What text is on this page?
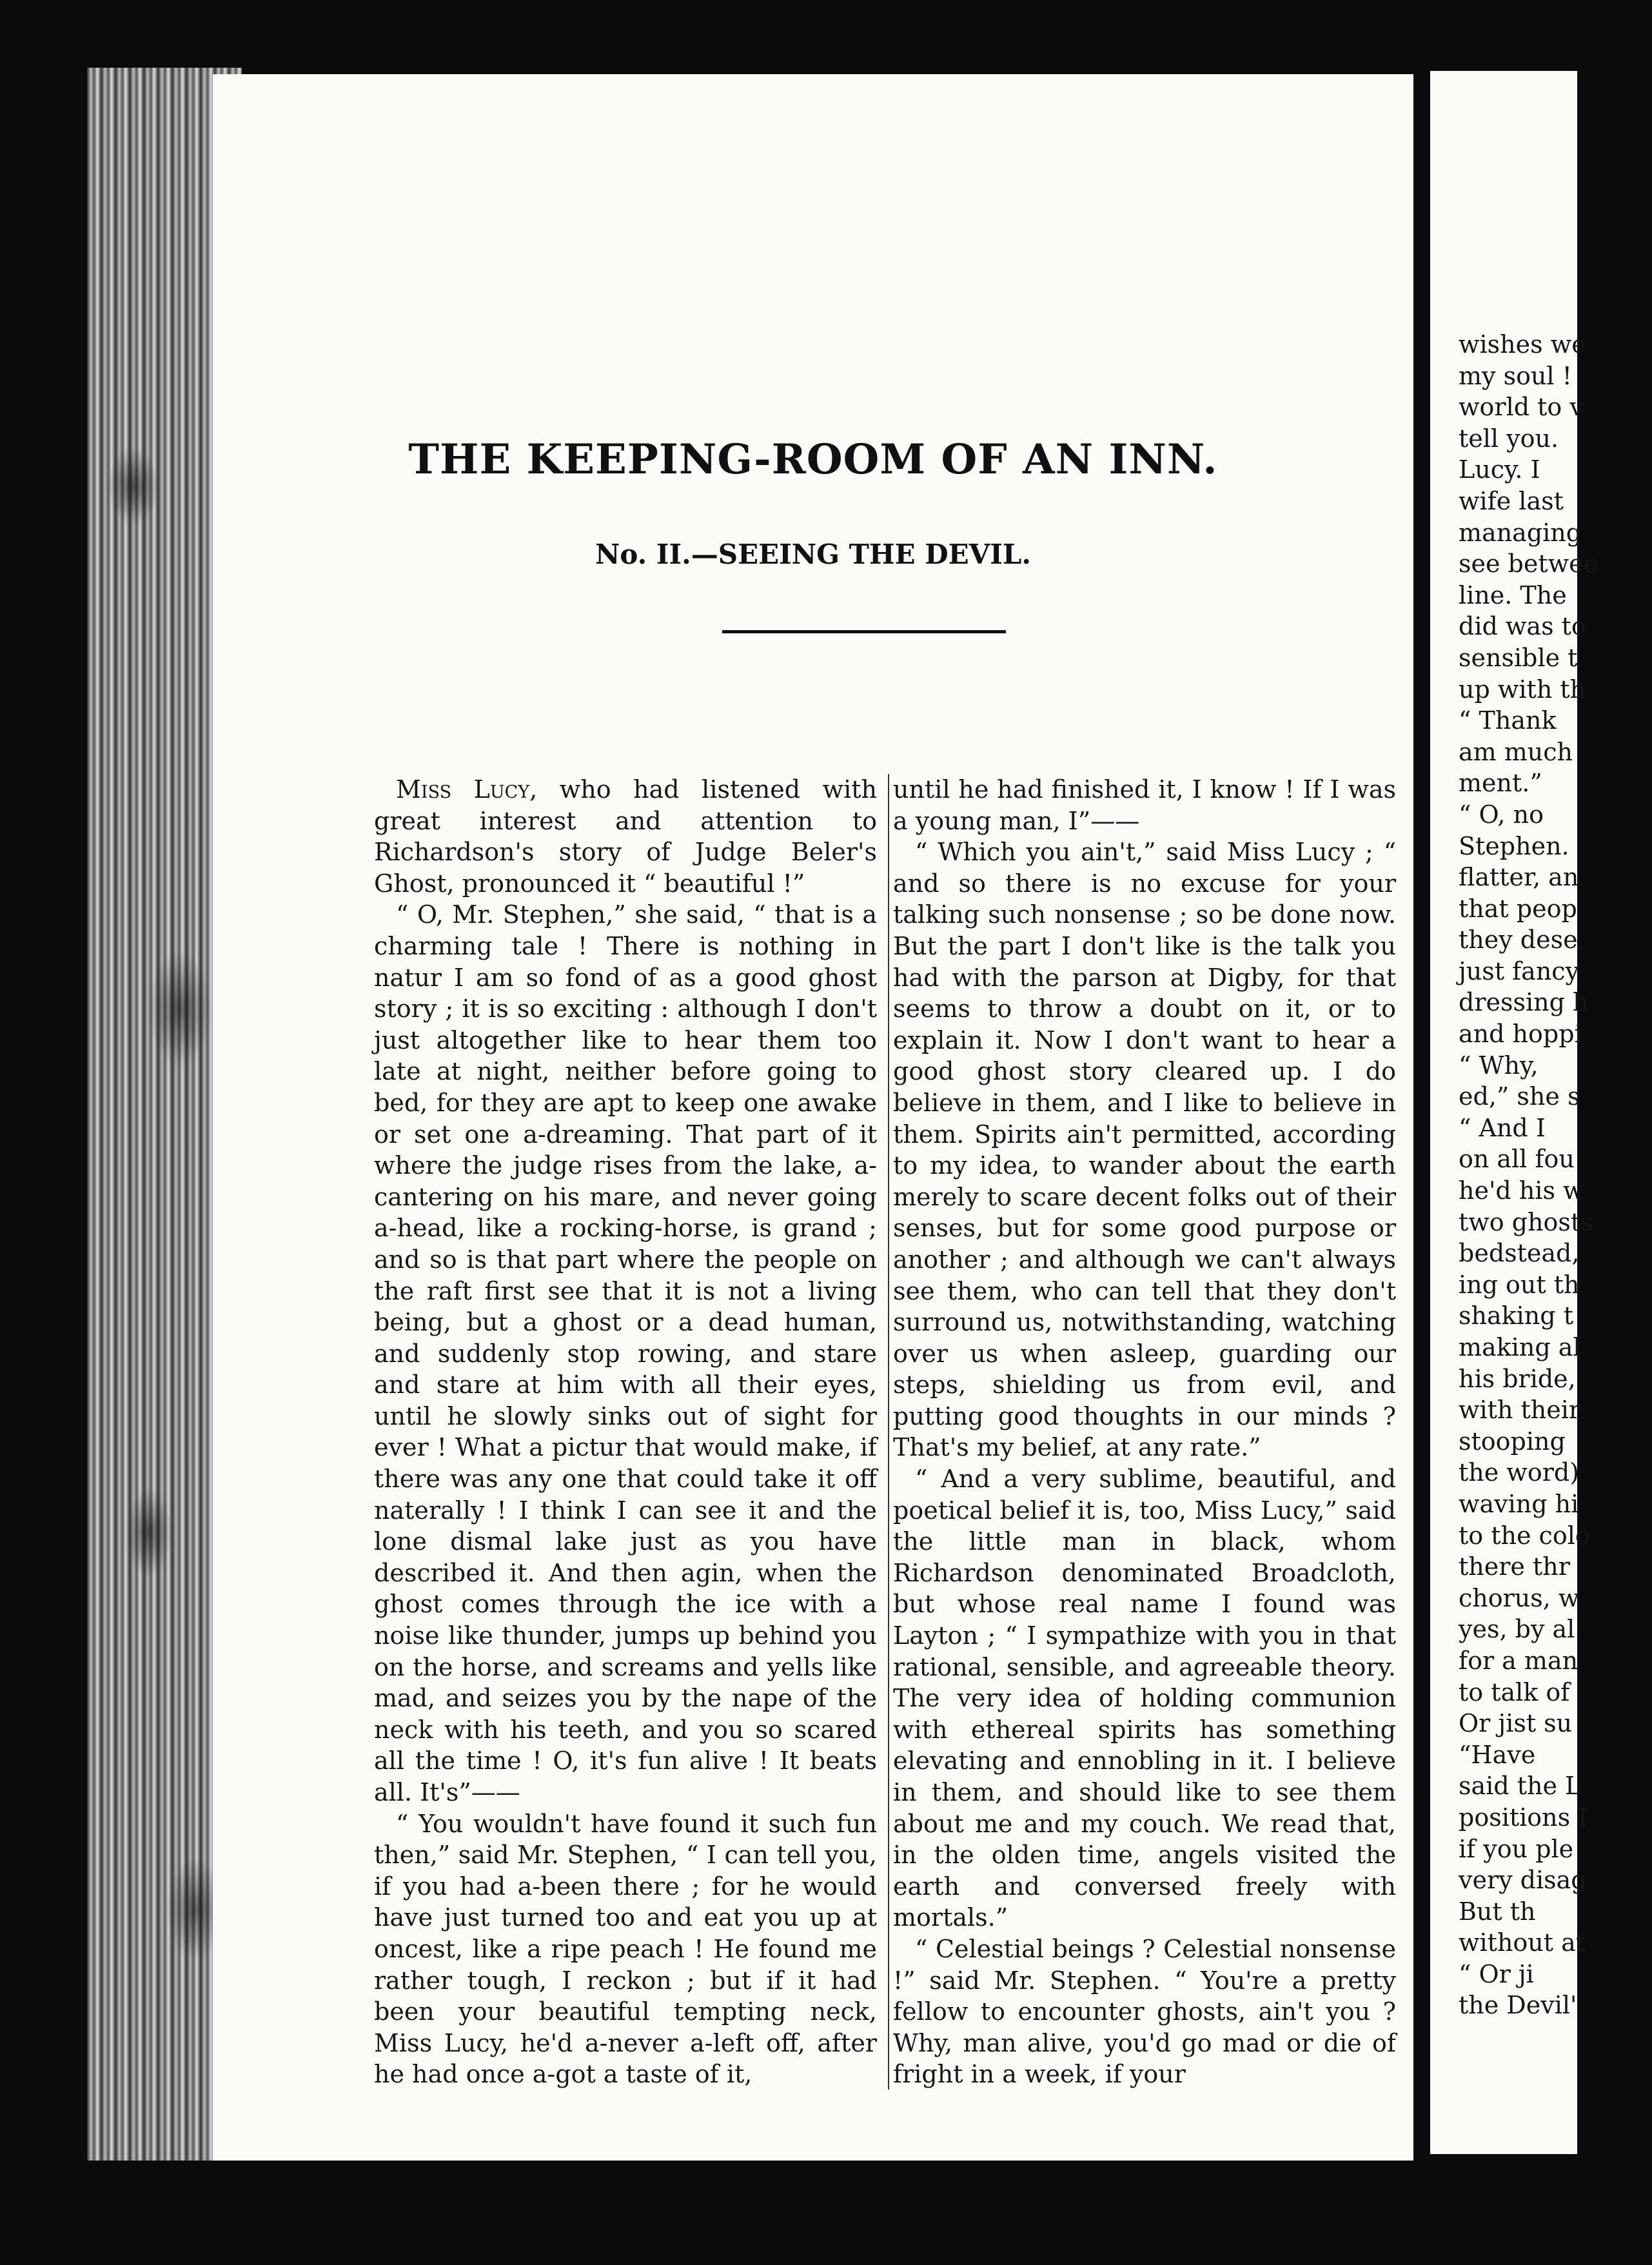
THE KEEPING-ROOM OF AN INN.
No. II.—SEEING THE DEVIL.

Miss Lucy, who had listened with great interest and attention to Richardson's story of Judge Beler's Ghost, pronounced it “ beautiful !”

“ O, Mr. Stephen,” she said, “ that is a charming tale ! There is nothing in natur I am so fond of as a good ghost story ; it is so exciting : although I don't just altogether like to hear them too late at night, neither before going to bed, for they are apt to keep one awake or set one a-dreaming. That part of it where the judge rises from the lake, a-cantering on his mare, and never going a-head, like a rocking-horse, is grand ; and so is that part where the people on the raft first see that it is not a living being, but a ghost or a dead human, and suddenly stop rowing, and stare and stare at him with all their eyes, until he slowly sinks out of sight for ever ! What a pictur that would make, if there was any one that could take it off naterally ! I think I can see it and the lone dismal lake just as you have described it. And then agin, when the ghost comes through the ice with a noise like thunder, jumps up behind you on the horse, and screams and yells like mad, and seizes you by the nape of the neck with his teeth, and you so scared all the time ! O, it's fun alive ! It beats all. It's”——

“ You wouldn't have found it such fun then,” said Mr. Stephen, “ I can tell you, if you had a-been there ; for he would have just turned too and eat you up at oncest, like a ripe peach ! He found me rather tough, I reckon ; but if it had been your beautiful tempting neck, Miss Lucy, he'd a-never a-left off, after he had once a-got a taste of it,

until he had finished it, I know ! If I was a young man, I”——

“ Which you ain't,” said Miss Lucy ; “ and so there is no excuse for your talking such nonsense ; so be done now. But the part I don't like is the talk you had with the parson at Digby, for that seems to throw a doubt on it, or to explain it. Now I don't want to hear a good ghost story cleared up. I do believe in them, and I like to believe in them. Spirits ain't permitted, according to my idea, to wander about the earth merely to scare decent folks out of their senses, but for some good purpose or another ; and although we can't always see them, who can tell that they don't surround us, notwithstanding, watching over us when asleep, guarding our steps, shielding us from evil, and putting good thoughts in our minds ? That's my belief, at any rate.”

“ And a very sublime, beautiful, and poetical belief it is, too, Miss Lucy,” said the little man in black, whom Richardson denominated Broadcloth, but whose real name I found was Layton ; “ I sympathize with you in that rational, sensible, and agreeable theory. The very idea of holding communion with ethereal spirits has something elevating and ennobling in it. I believe in them, and should like to see them about me and my couch. We read that, in the olden time, angels visited the earth and conversed freely with mortals.”

“ Celestial beings ? Celestial nonsense !” said Mr. Stephen. “ You're a pretty fellow to encounter ghosts, ain't you ? Why, man alive, you'd go mad or die of fright in a week, if your

wishes we
my soul !
world to v
tell you.
Lucy. I
wife last
managing
see betwee
line. The
did was to
sensible t
up with th
“ Thank
am much
ment.”
“ O, no
Stephen.
flatter, an
that peop
they dese
just fancy
dressing h
and hoppi
“ Why,
ed,” she s
“ And I
on all fou
he'd his w
two ghosts
bedstead,
ing out th
shaking t
making al
his bride,
with their
stooping
the word)
waving hi
to the colo
there thr
chorus, w
yes, by al
for a man
to talk of
Or jist su
“Have
said the L
positions I
if you ple
very disag
But th
without at
“ Or ji
the Devil'
